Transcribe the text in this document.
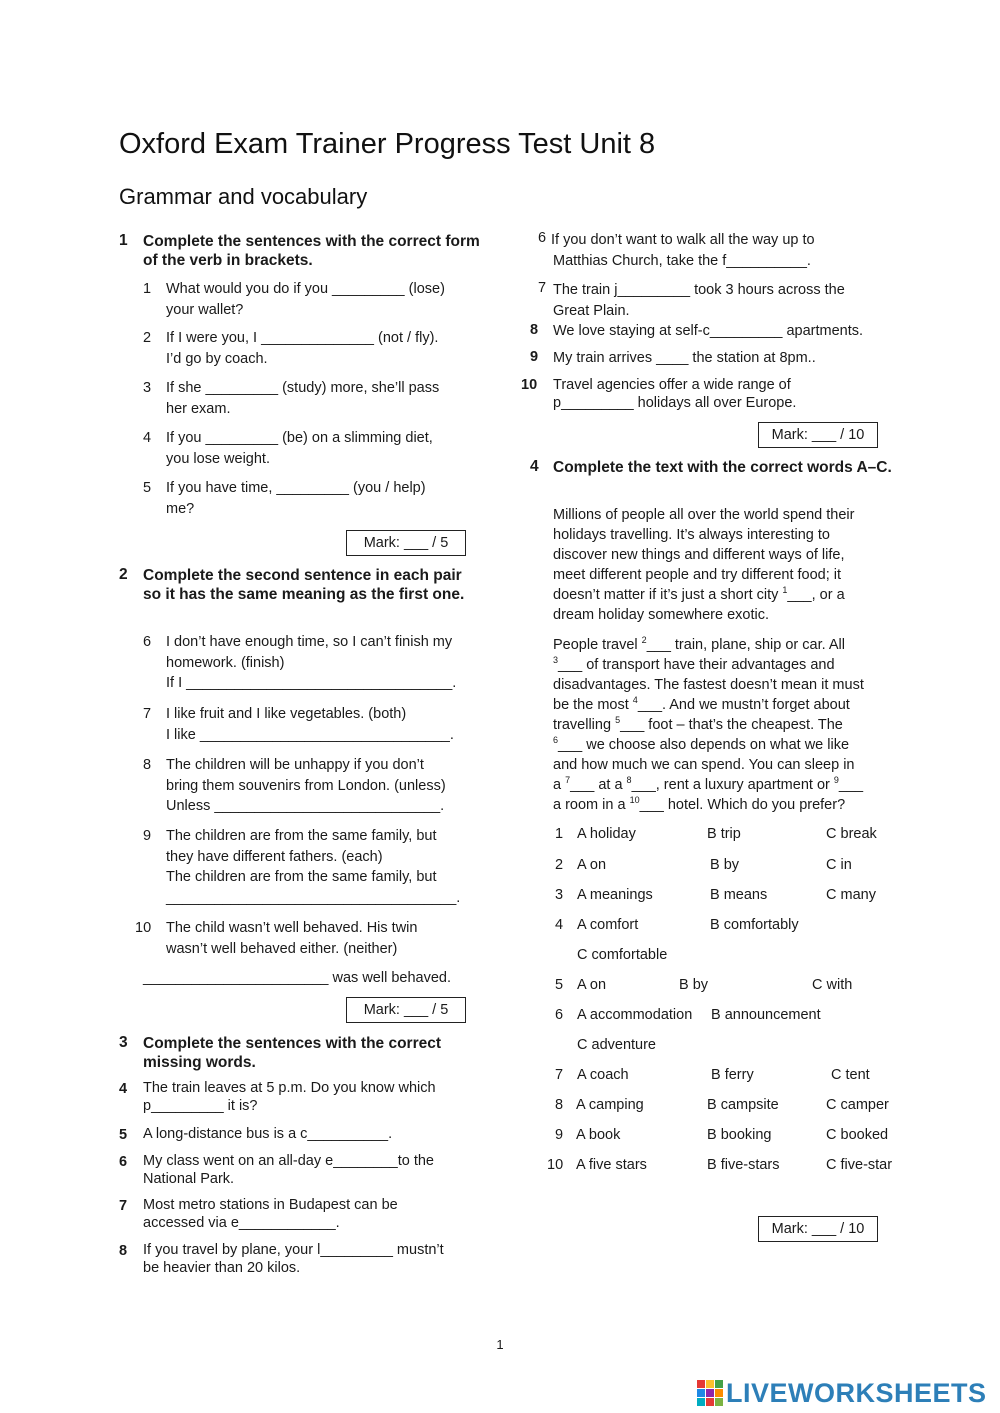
Oxford Exam Trainer Progress Test Unit 8
Grammar and vocabulary
1 Complete the sentences with the correct form of the verb in brackets.
1 What would you do if you _________ (lose)
your wallet?
2 If I were you, I ______________ (not / fly).
I’d go by coach.
3 If she _________ (study) more, she’ll pass
her exam.
4 If you _________ (be) on a slimming diet,
you lose weight.
5 If you have time, _________ (you / help)
me?
Mark: ___ / 5
2 Complete the second sentence in each pair so it has the same meaning as the first one.
6 I don’t have enough time, so I can’t finish my
homework. (finish)
If I _________________________________.
7 I like fruit and I like vegetables. (both)
I like _______________________________.
8 The children will be unhappy if you don’t
bring them souvenirs from London. (unless)
Unless ____________________________.
9 The children are from the same family, but
they have different fathers. (each)
The children are from the same family, but
____________________________________.
10 The child wasn’t well behaved. His twin
wasn’t well behaved either. (neither)
_______________________ was well behaved.
Mark: ___ / 5
3 Complete the sentences with the correct missing words.
4 The train leaves at 5 p.m. Do you know which
p_________ it is?
5 A long-distance bus is a c__________.
6 My class went on an all-day e________to the
National Park.
7 Most metro stations in Budapest can be
accessed via e____________.
8 If you travel by plane, your l_________ mustn’t
be heavier than 20 kilos.
6 If you don’t want to walk all the way up to
Matthias Church, take the f__________.
7 The train j_________ took 3 hours across the
Great Plain.
8 We love staying at self-c_________ apartments.
9 My train arrives ____ the station at 8pm..
10 Travel agencies offer a wide range of
p_________ holidays all over Europe.
Mark: ___ / 10
4 Complete the text with the correct words A–C.
Millions of people all over the world spend their
holidays travelling. It’s always interesting to
discover new things and different ways of life,
meet different people and try different food; it
doesn’t matter if it’s just a short city $^1$___, or a
dream holiday somewhere exotic.
People travel $^2$___ train, plane, ship or car. All
$^3$___ of transport have their advantages and
disadvantages. The fastest doesn’t mean it must
be the most $^4$___. And we mustn’t forget about
travelling $^5$___ foot – that’s the cheapest. The
$^6$___ we choose also depends on what we like
and how much we can spend. You can sleep in
a $^7$___ at a $^8$___, rent a luxury apartment or $^9$___
a room in a $^{10}$___ hotel. Which do you prefer?
1 A holiday	B trip	C break
2 A on	B by	C in
3 A meanings	B means	C many
4 A comfort	B comfortably
C comfortable
5 A on	B by	C with
6 A accommodation B announcement
C adventure
7 A coach	B ferry	C tent
8 A camping	B campsite	C camper
9 A book	B booking	C booked
10 A five stars	B five-stars	C five-star
Mark: ___ / 10
1
LIVEWORKSHEETS
